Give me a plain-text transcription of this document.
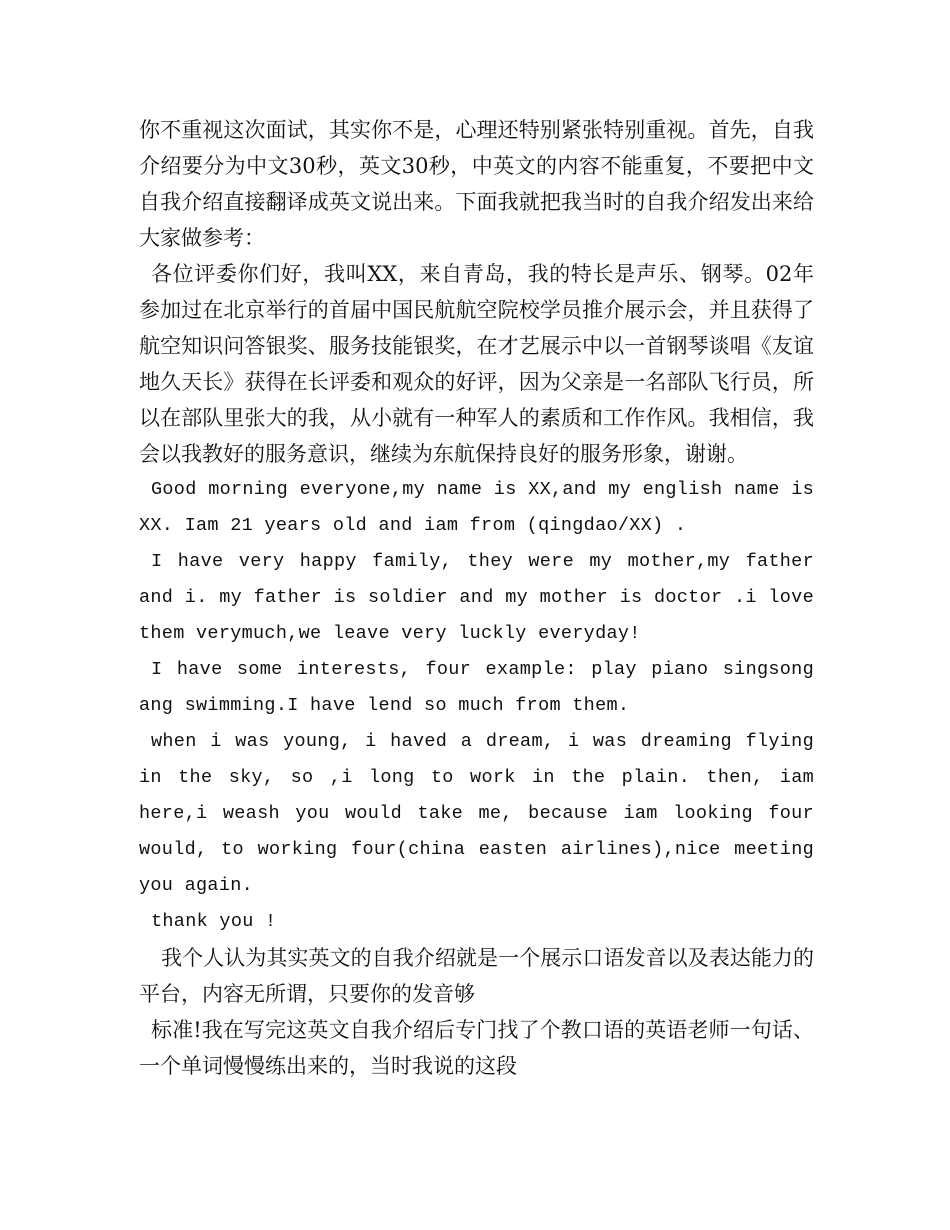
你不重视这次面试，其实你不是，心理还特别紧张特别重视。首先，自我介绍要分为中文30秒，英文30秒，中英文的内容不能重复，不要把中文自我介绍直接翻译成英文说出来。下面我就把我当时的自我介绍发出来给大家做参考：

各位评委你们好，我叫XX，来自青岛，我的特长是声乐、钢琴。02年参加过在北京举行的首届中国民航航空院校学员推介展示会，并且获得了航空知识问答银奖、服务技能银奖，在才艺展示中以一首钢琴谈唱《友谊地久天长》获得在长评委和观众的好评，因为父亲是一名部队飞行员，所以在部队里张大的我，从小就有一种军人的素质和工作作风。我相信，我会以我教好的服务意识，继续为东航保持良好的服务形象，谢谢。

Good morning everyone,my name is XX,and my english name is XX. Iam 21 years old and iam from (qingdao/XX) .

I have very happy family, they were my mother,my father and i. my father is soldier and my mother is doctor .i love them verymuch,we leave very luckly everyday!

I have some interests, four example: play piano singsong ang swimming.I have lend so much from them.

when i was young, i haved a dream, i was dreaming flying in the sky, so ,i long to work in the plain. then, iam here,i weash you would take me, because iam looking four would, to working four(china easten airlines),nice meeting you again.

thank you !

我个人认为其实英文的自我介绍就是一个展示口语发音以及表达能力的平台，内容无所谓，只要你的发音够

标准!我在写完这英文自我介绍后专门找了个教口语的英语老师一句话、一个单词慢慢练出来的，当时我说的这段
